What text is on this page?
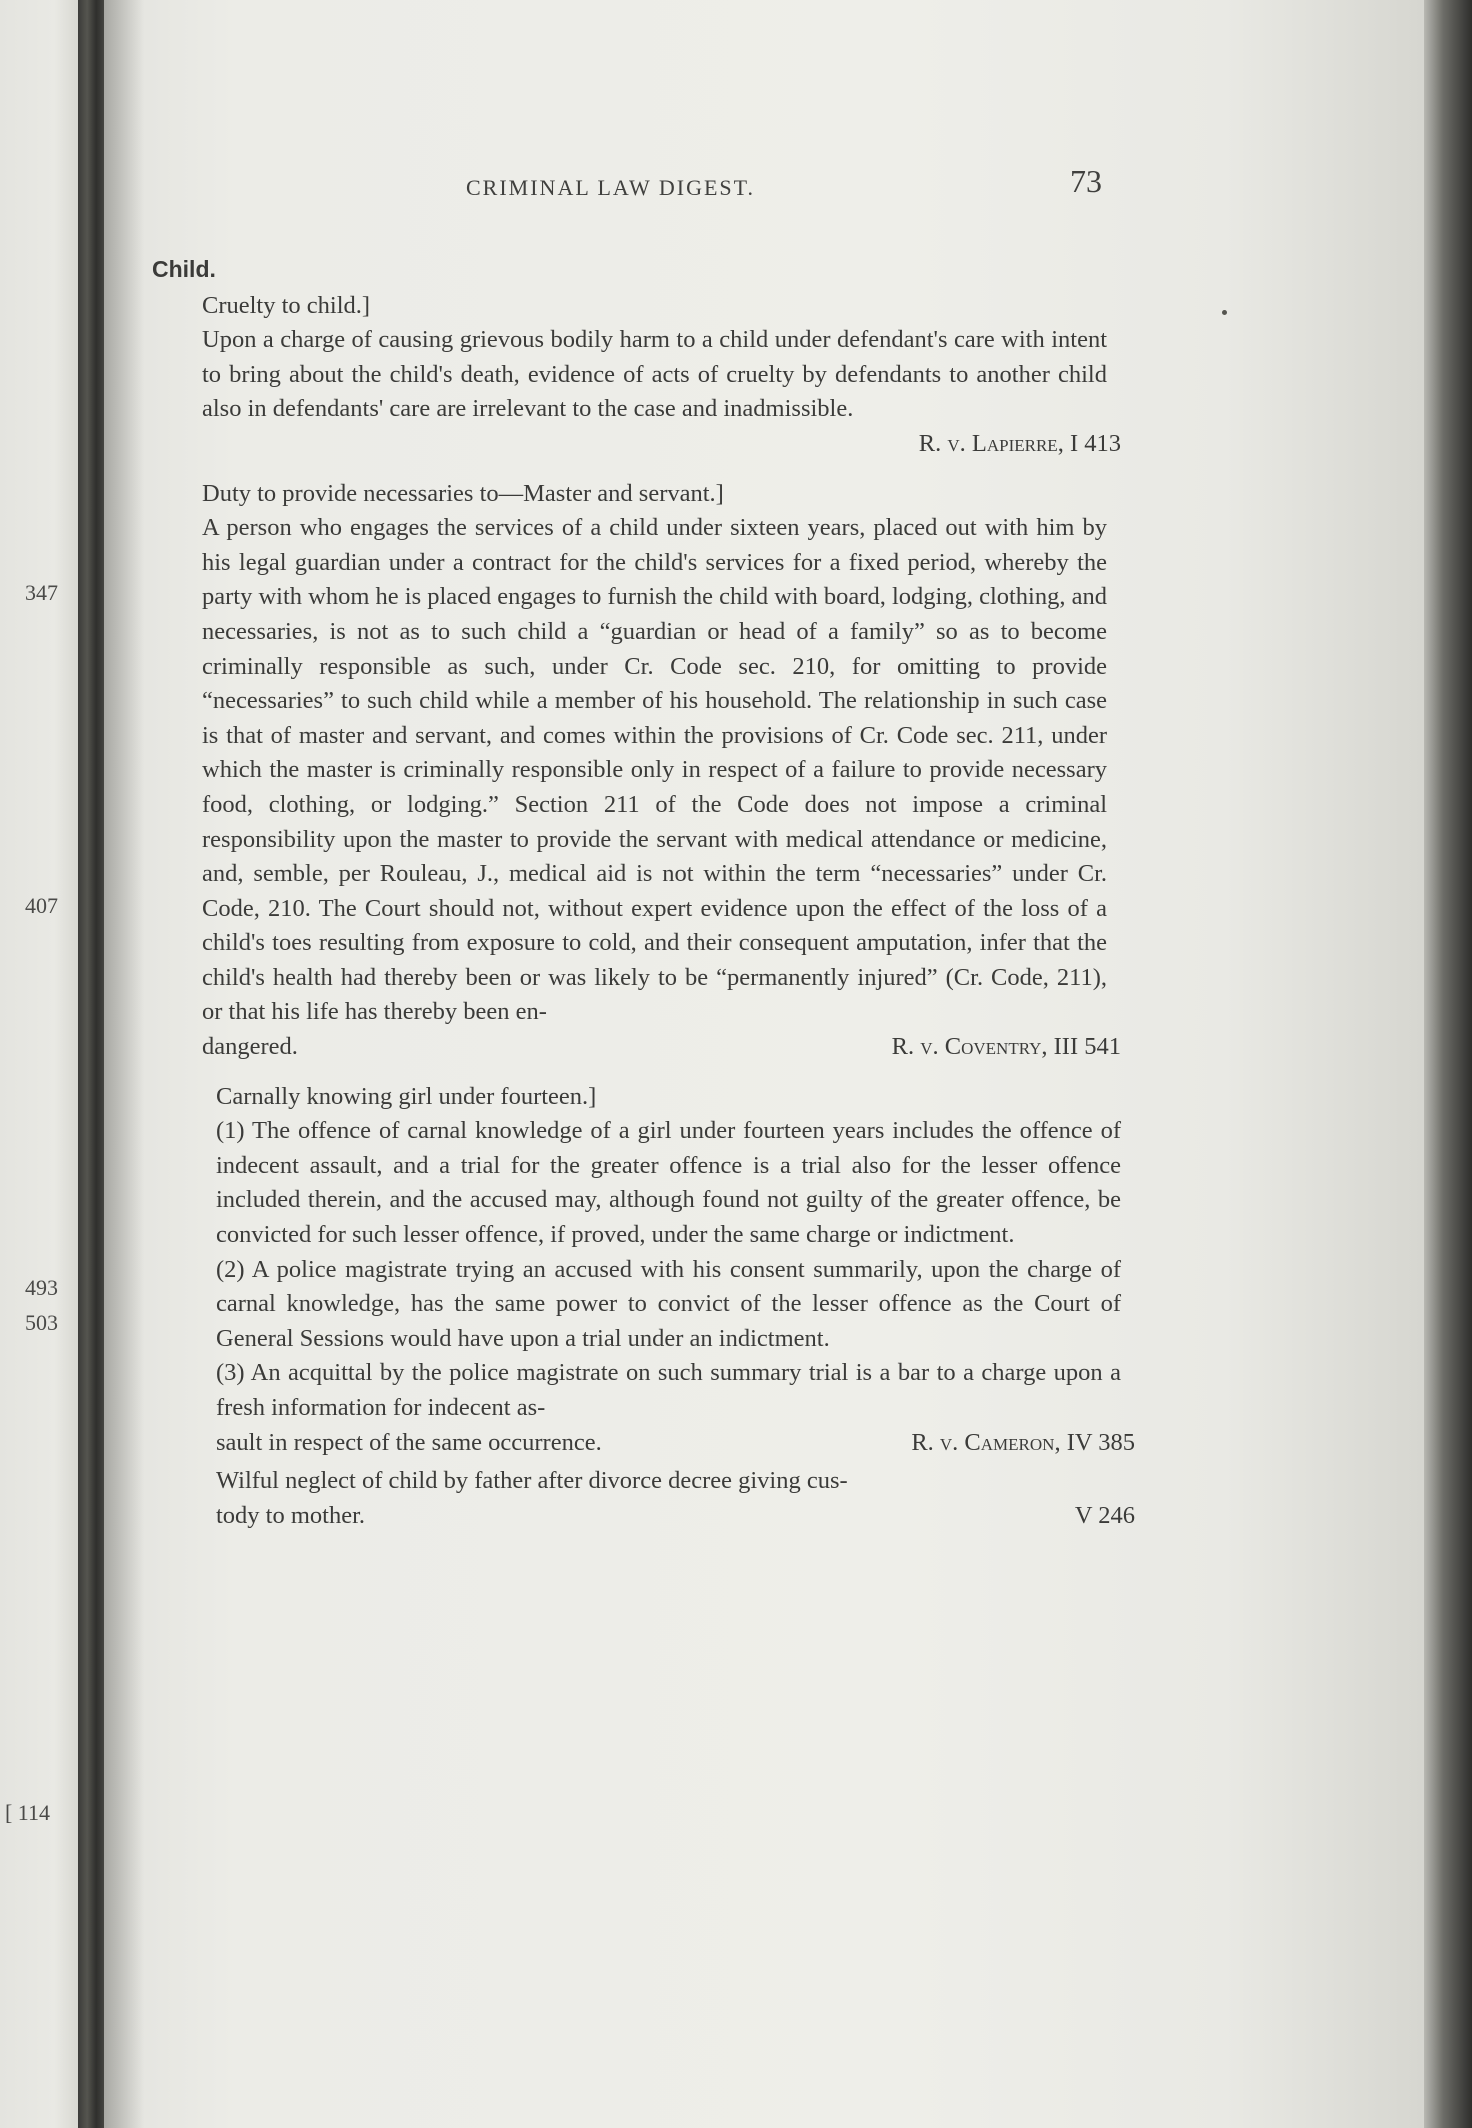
347
407
493
503
[ 114
CRIMINAL LAW DIGEST.	73
Child.
Cruelty to child.]
Upon a charge of causing grievous bodily harm to a child under defendant's care with intent to bring about the child's death, evidence of acts of cruelty by defendants to another child also in defendants' care are irrelevant to the case and inadmissible.
R. v. Lapierre, I 413
Duty to provide necessaries to—Master and servant.]
A person who engages the services of a child under sixteen years, placed out with him by his legal guardian under a contract for the child's services for a fixed period, whereby the party with whom he is placed engages to furnish the child with board, lodging, clothing, and necessaries, is not as to such child a “guardian or head of a family” so as to become criminally responsible as such, under Cr. Code sec. 210, for omitting to provide “necessaries” to such child while a member of his household. The relationship in such case is that of master and servant, and comes within the provisions of Cr. Code sec. 211, under which the master is criminally responsible only in respect of a failure to provide necessary food, clothing, or lodging.” Section 211 of the Code does not impose a criminal responsibility upon the master to provide the servant with medical attendance or medicine, and, semble, per Rouleau, J., medical aid is not within the term “necessaries” under Cr. Code, 210. The Court should not, without expert evidence upon the effect of the loss of a child's toes resulting from exposure to cold, and their consequent amputation, infer that the child's health had thereby been or was likely to be “permanently injured” (Cr. Code, 211), or that his life has thereby been en-
dangered.	R. v. Coventry, III 541
Carnally knowing girl under fourteen.]
(1) The offence of carnal knowledge of a girl under fourteen years includes the offence of indecent assault, and a trial for the greater offence is a trial also for the lesser offence included therein, and the accused may, although found not guilty of the greater offence, be convicted for such lesser offence, if proved, under the same charge or indictment.
(2) A police magistrate trying an accused with his consent summarily, upon the charge of carnal knowledge, has the same power to convict of the lesser offence as the Court of General Sessions would have upon a trial under an indictment.
(3) An acquittal by the police magistrate on such summary trial is a bar to a charge upon a fresh information for indecent as-
sault in respect of the same occurrence.	R. v. Cameron, IV 385
Wilful neglect of child by father after divorce decree giving cus-
tody to mother.	V 246
